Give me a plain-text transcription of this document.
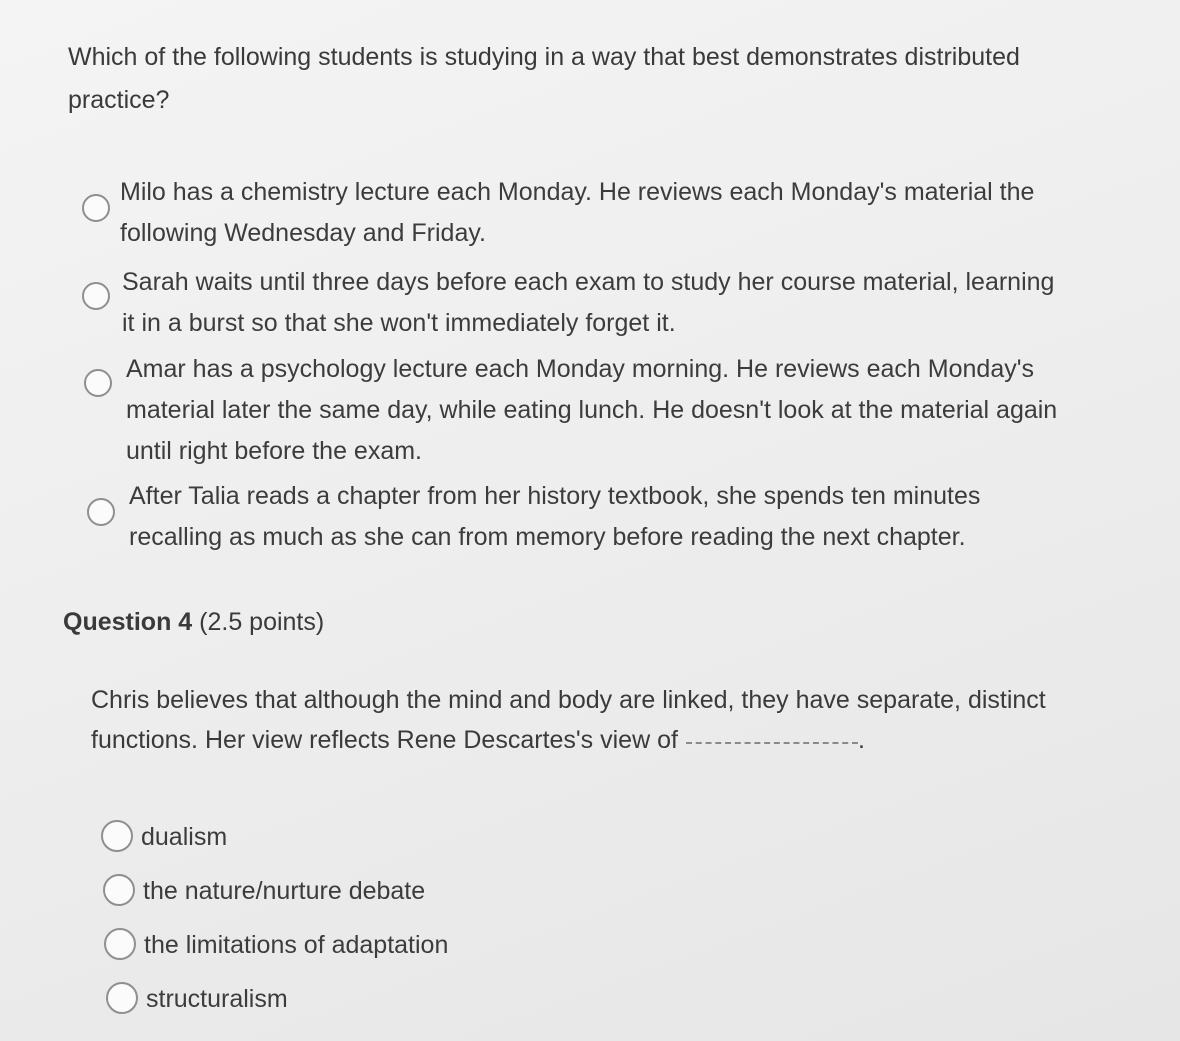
Which of the following students is studying in a way that best demonstrates distributed practice?
Milo has a chemistry lecture each Monday. He reviews each Monday's material the following Wednesday and Friday.
Sarah waits until three days before each exam to study her course material, learning it in a burst so that she won't immediately forget it.
Amar has a psychology lecture each Monday morning. He reviews each Monday's material later the same day, while eating lunch. He doesn't look at the material again until right before the exam.
After Talia reads a chapter from her history textbook, she spends ten minutes recalling as much as she can from memory before reading the next chapter.
Question 4 (2.5 points)
Chris believes that although the mind and body are linked, they have separate, distinct functions. Her view reflects Rene Descartes's view of	.
dualism
the nature/nurture debate
the limitations of adaptation
structuralism
